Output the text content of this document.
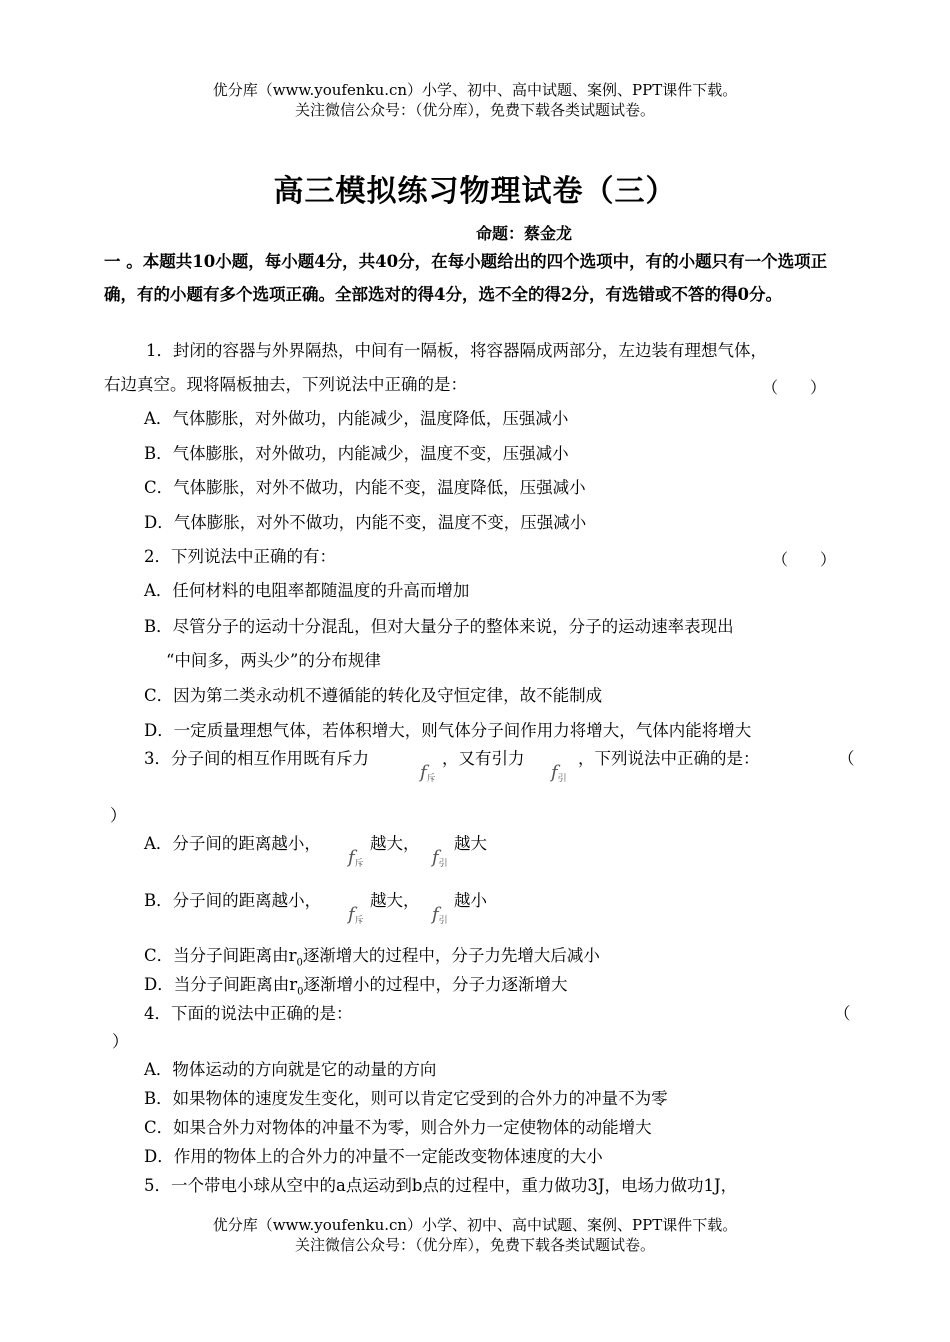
优分库（www.youfenku.cn）小学、初中、高中试题、案例、PPT课件下载。
关注微信公众号：（优分库），免费下载各类试题试卷。
高三模拟练习物理试卷（三）
命题：蔡金龙
一 。本题共10小题，每小题4分，共40分，在每小题给出的四个选项中，有的小题只有一个选项正确，有的小题有多个选项正确。全部选对的得4分，选不全的得2分，有选错或不答的得0分。
1．封闭的容器与外界隔热，中间有一隔板，将容器隔成两部分，左边装有理想气体，
右边真空。现将隔板抽去，下列说法中正确的是：	（　　）
A．气体膨胀，对外做功，内能减少，温度降低，压强减小
B．气体膨胀，对外做功，内能减少，温度不变，压强减小
C．气体膨胀，对外不做功，内能不变，温度降低，压强减小
D．气体膨胀，对外不做功，内能不变，温度不变，压强减小
2．下列说法中正确的有：	（　　）
A．任何材料的电阻率都随温度的升高而增加
B．尽管分子的运动十分混乱，但对大量分子的整体来说，分子的运动速率表现出
“中间多，两头少”的分布规律
C．因为第二类永动机不遵循能的转化及守恒定律，故不能制成
D．一定质量理想气体，若体积增大，则气体分子间作用力将增大，气体内能将增大
3．分子间的相互作用既有斥力
$f_斥$
，又有引力
$f_引$
，下列说法中正确的是：	（
）
A．分子间的距离越小，
$f_斥$
越大，
$f_引$
越大
B．分子间的距离越小，
$f_斥$
越大，
$f_引$
越小
C．当分子间距离由$r_0$逐渐增大的过程中，分子力先增大后减小
D．当分子间距离由$r_0$逐渐增小的过程中，分子力逐渐增大
4．下面的说法中正确的是：	（
）
A．物体运动的方向就是它的动量的方向
B．如果物体的速度发生变化，则可以肯定它受到的合外力的冲量不为零
C．如果合外力对物体的冲量不为零，则合外力一定使物体的动能增大
D．作用的物体上的合外力的冲量不一定能改变物体速度的大小
5．一个带电小球从空中的a点运动到b点的过程中，重力做功3J，电场力做功1J，
优分库（www.youfenku.cn）小学、初中、高中试题、案例、PPT课件下载。
关注微信公众号：（优分库），免费下载各类试题试卷。
